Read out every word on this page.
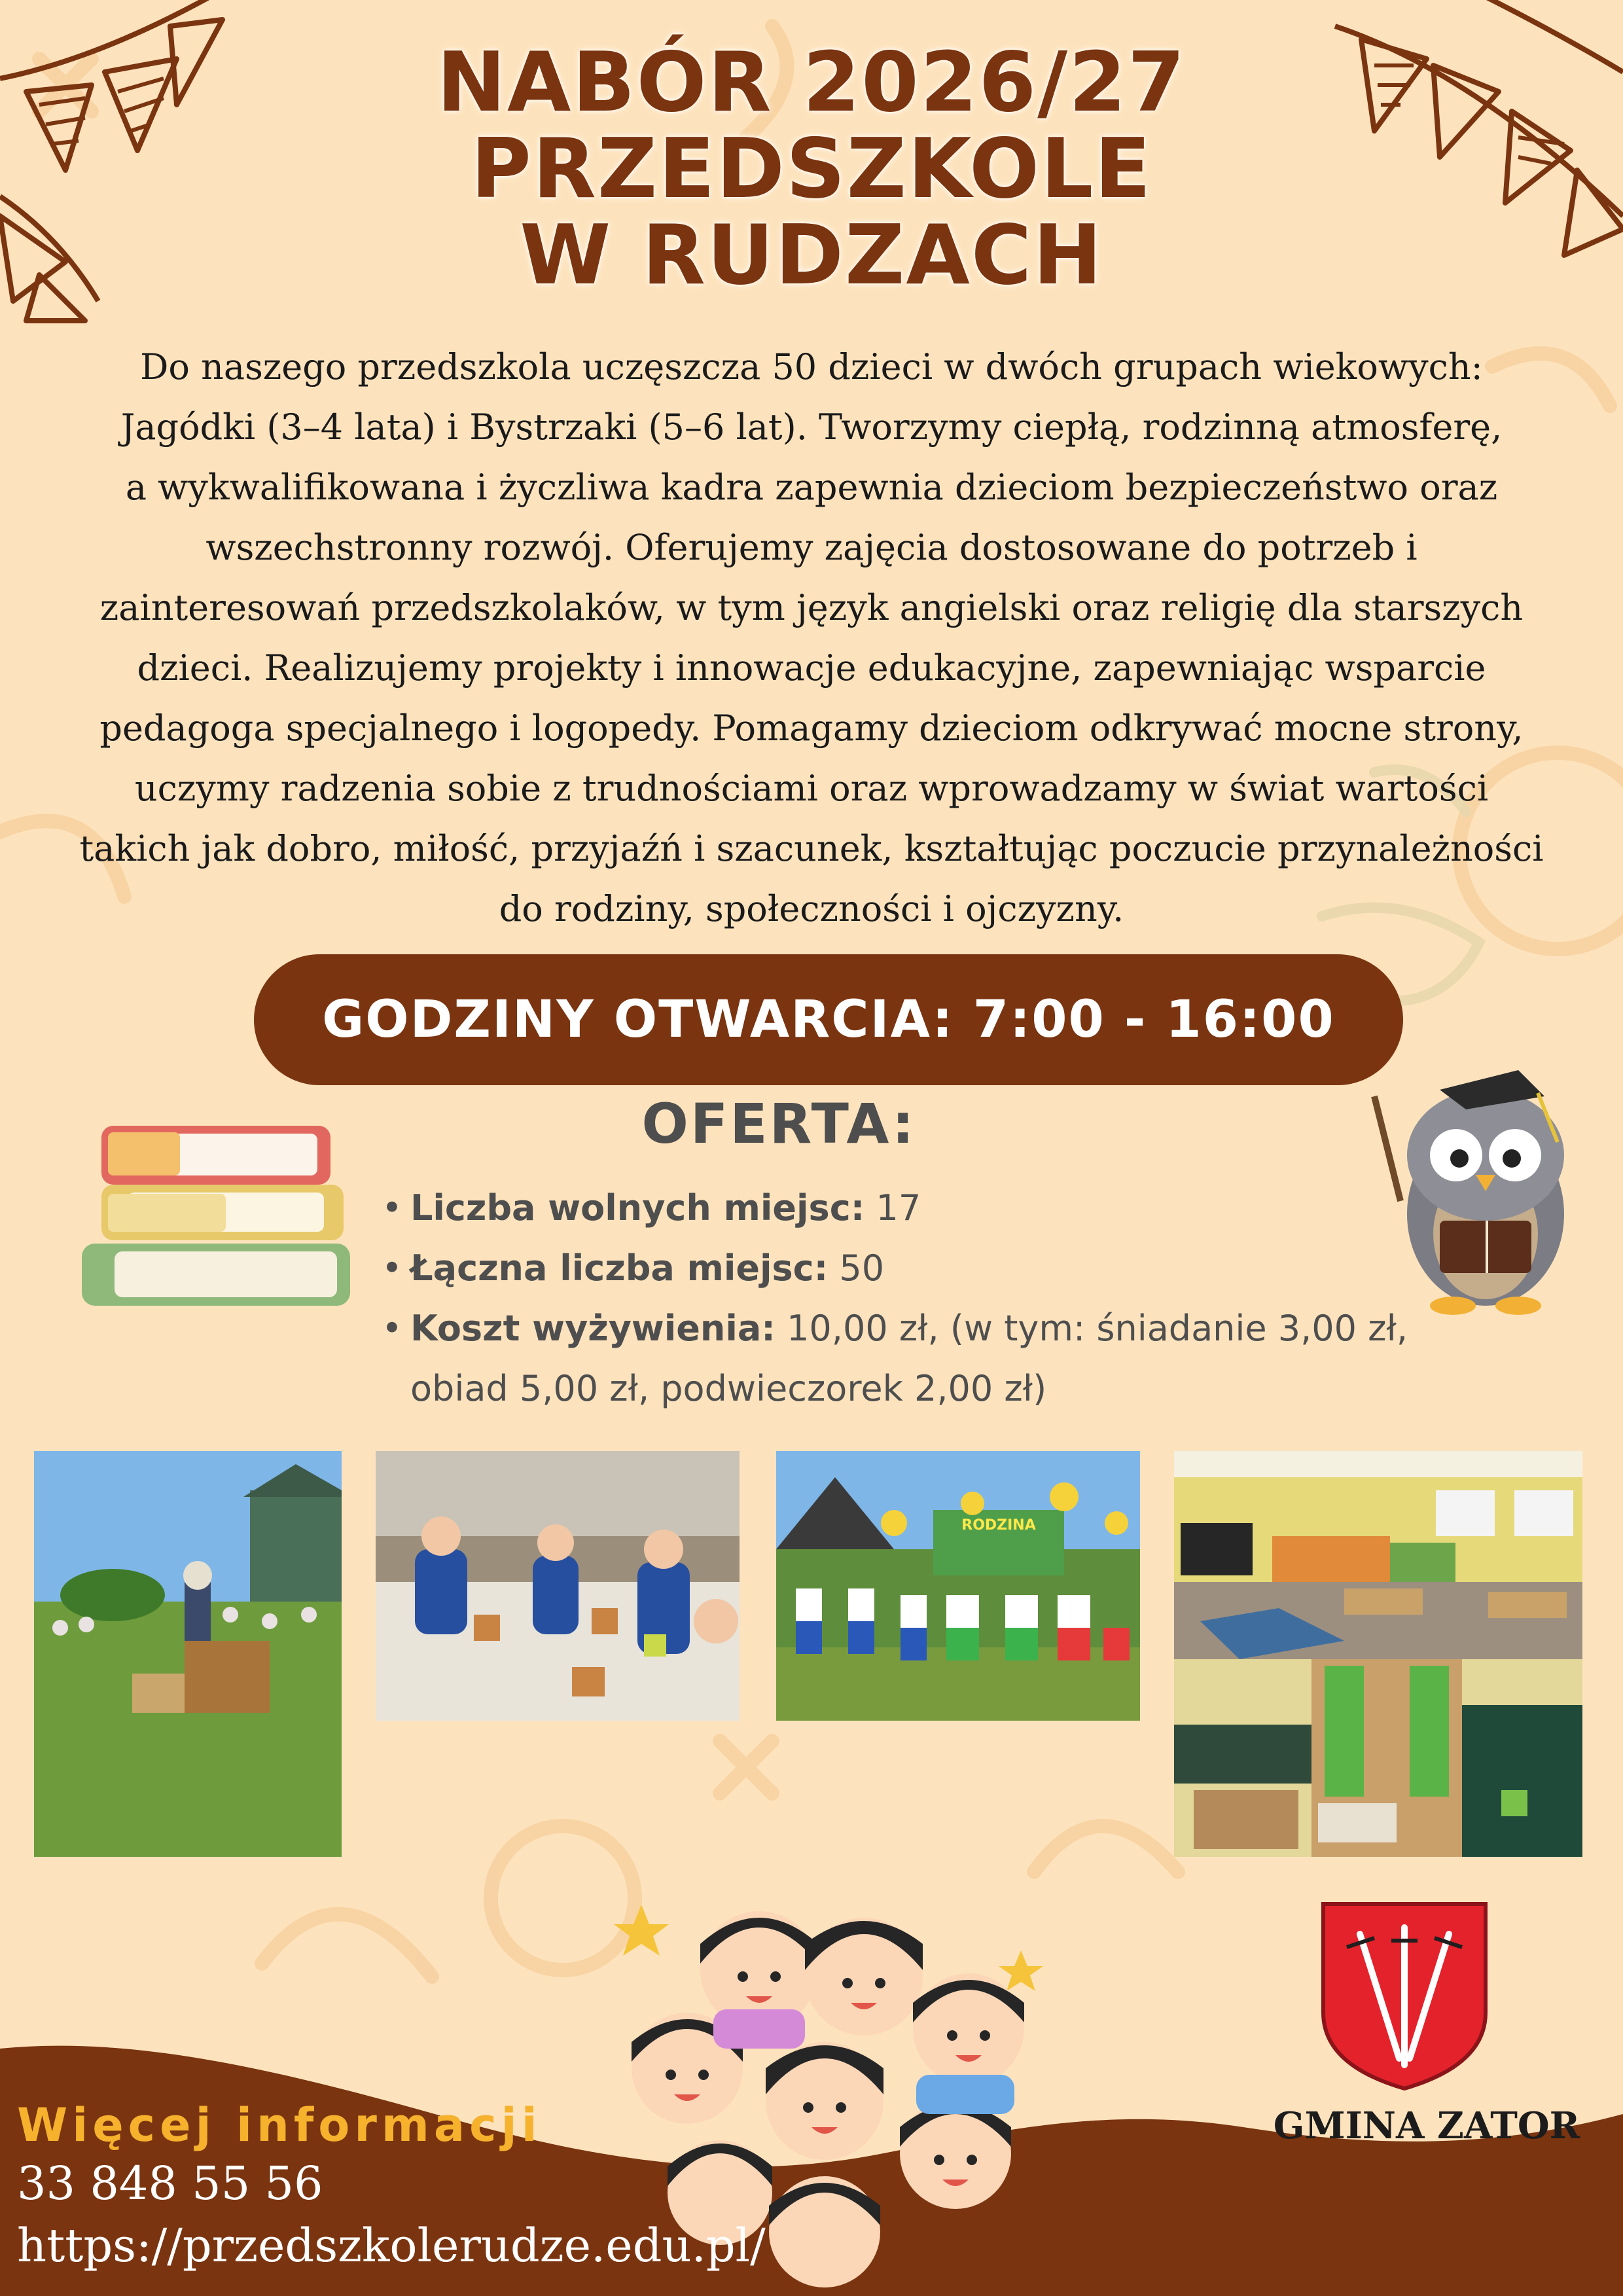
NABÓR 2026/27
PRZEDSZKOLE
W RUDZACH
Do naszego przedszkola uczęszcza 50 dzieci w dwóch grupach wiekowych:
Jagódki (3–4 lata) i Bystrzaki (5–6 lat). Tworzymy ciepłą, rodzinną atmosferę,
a wykwalifikowana i życzliwa kadra zapewnia dzieciom bezpieczeństwo oraz
wszechstronny rozwój. Oferujemy zajęcia dostosowane do potrzeb i
zainteresowań przedszkolaków, w tym język angielski oraz religię dla starszych
dzieci. Realizujemy projekty i innowacje edukacyjne, zapewniając wsparcie
pedagoga specjalnego i logopedy. Pomagamy dzieciom odkrywać mocne strony,
uczymy radzenia sobie z trudnościami oraz wprowadzamy w świat wartości
takich jak dobro, miłość, przyjaźń i szacunek, kształtując poczucie przynależności
do rodziny, społeczności i ojczyzny.
GODZINY OTWARCIA: 7:00 - 16:00
OFERTA:
• Liczba wolnych miejsc: 17
• Łączna liczba miejsc: 50
• Koszt wyżywienia: 10,00 zł, (w tym: śniadanie 3,00 zł,
obiad 5,00 zł, podwieczorek 2,00 zł)
RODZINA
GMINA ZATOR
Więcej informacji
33 848 55 56
https://przedszkolerudze.edu.pl/
